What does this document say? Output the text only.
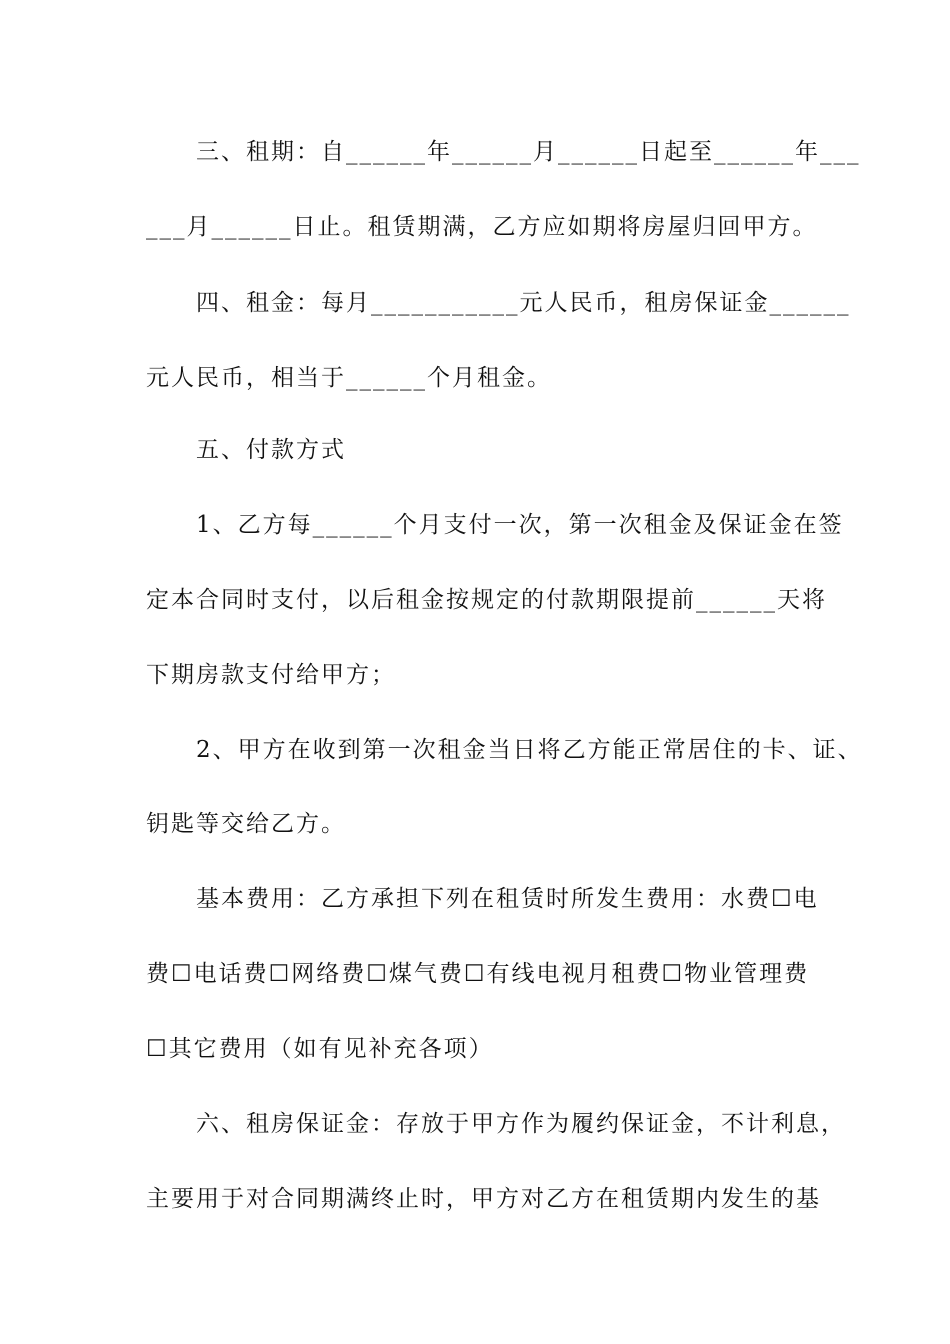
　　三、租期：自______年______月______日起至______年___
___月______日止。租赁期满，乙方应如期将房屋归回甲方。
　　四、租金：每月___________元人民币，租房保证金______
元人民币，相当于______个月租金。
　　五、付款方式
　　1、乙方每______个月支付一次，第一次租金及保证金在签
定本合同时支付，以后租金按规定的付款期限提前______天将
下期房款支付给甲方；
　　2、甲方在收到第一次租金当日将乙方能正常居住的卡、证、
钥匙等交给乙方。
　　基本费用：乙方承担下列在租赁时所发生费用：水费☐电
费☐电话费☐网络费☐煤气费☐有线电视月租费☐物业管理费
☐其它费用（如有见补充各项）
　　六、租房保证金：存放于甲方作为履约保证金，不计利息，
主要用于对合同期满终止时，甲方对乙方在租赁期内发生的基
